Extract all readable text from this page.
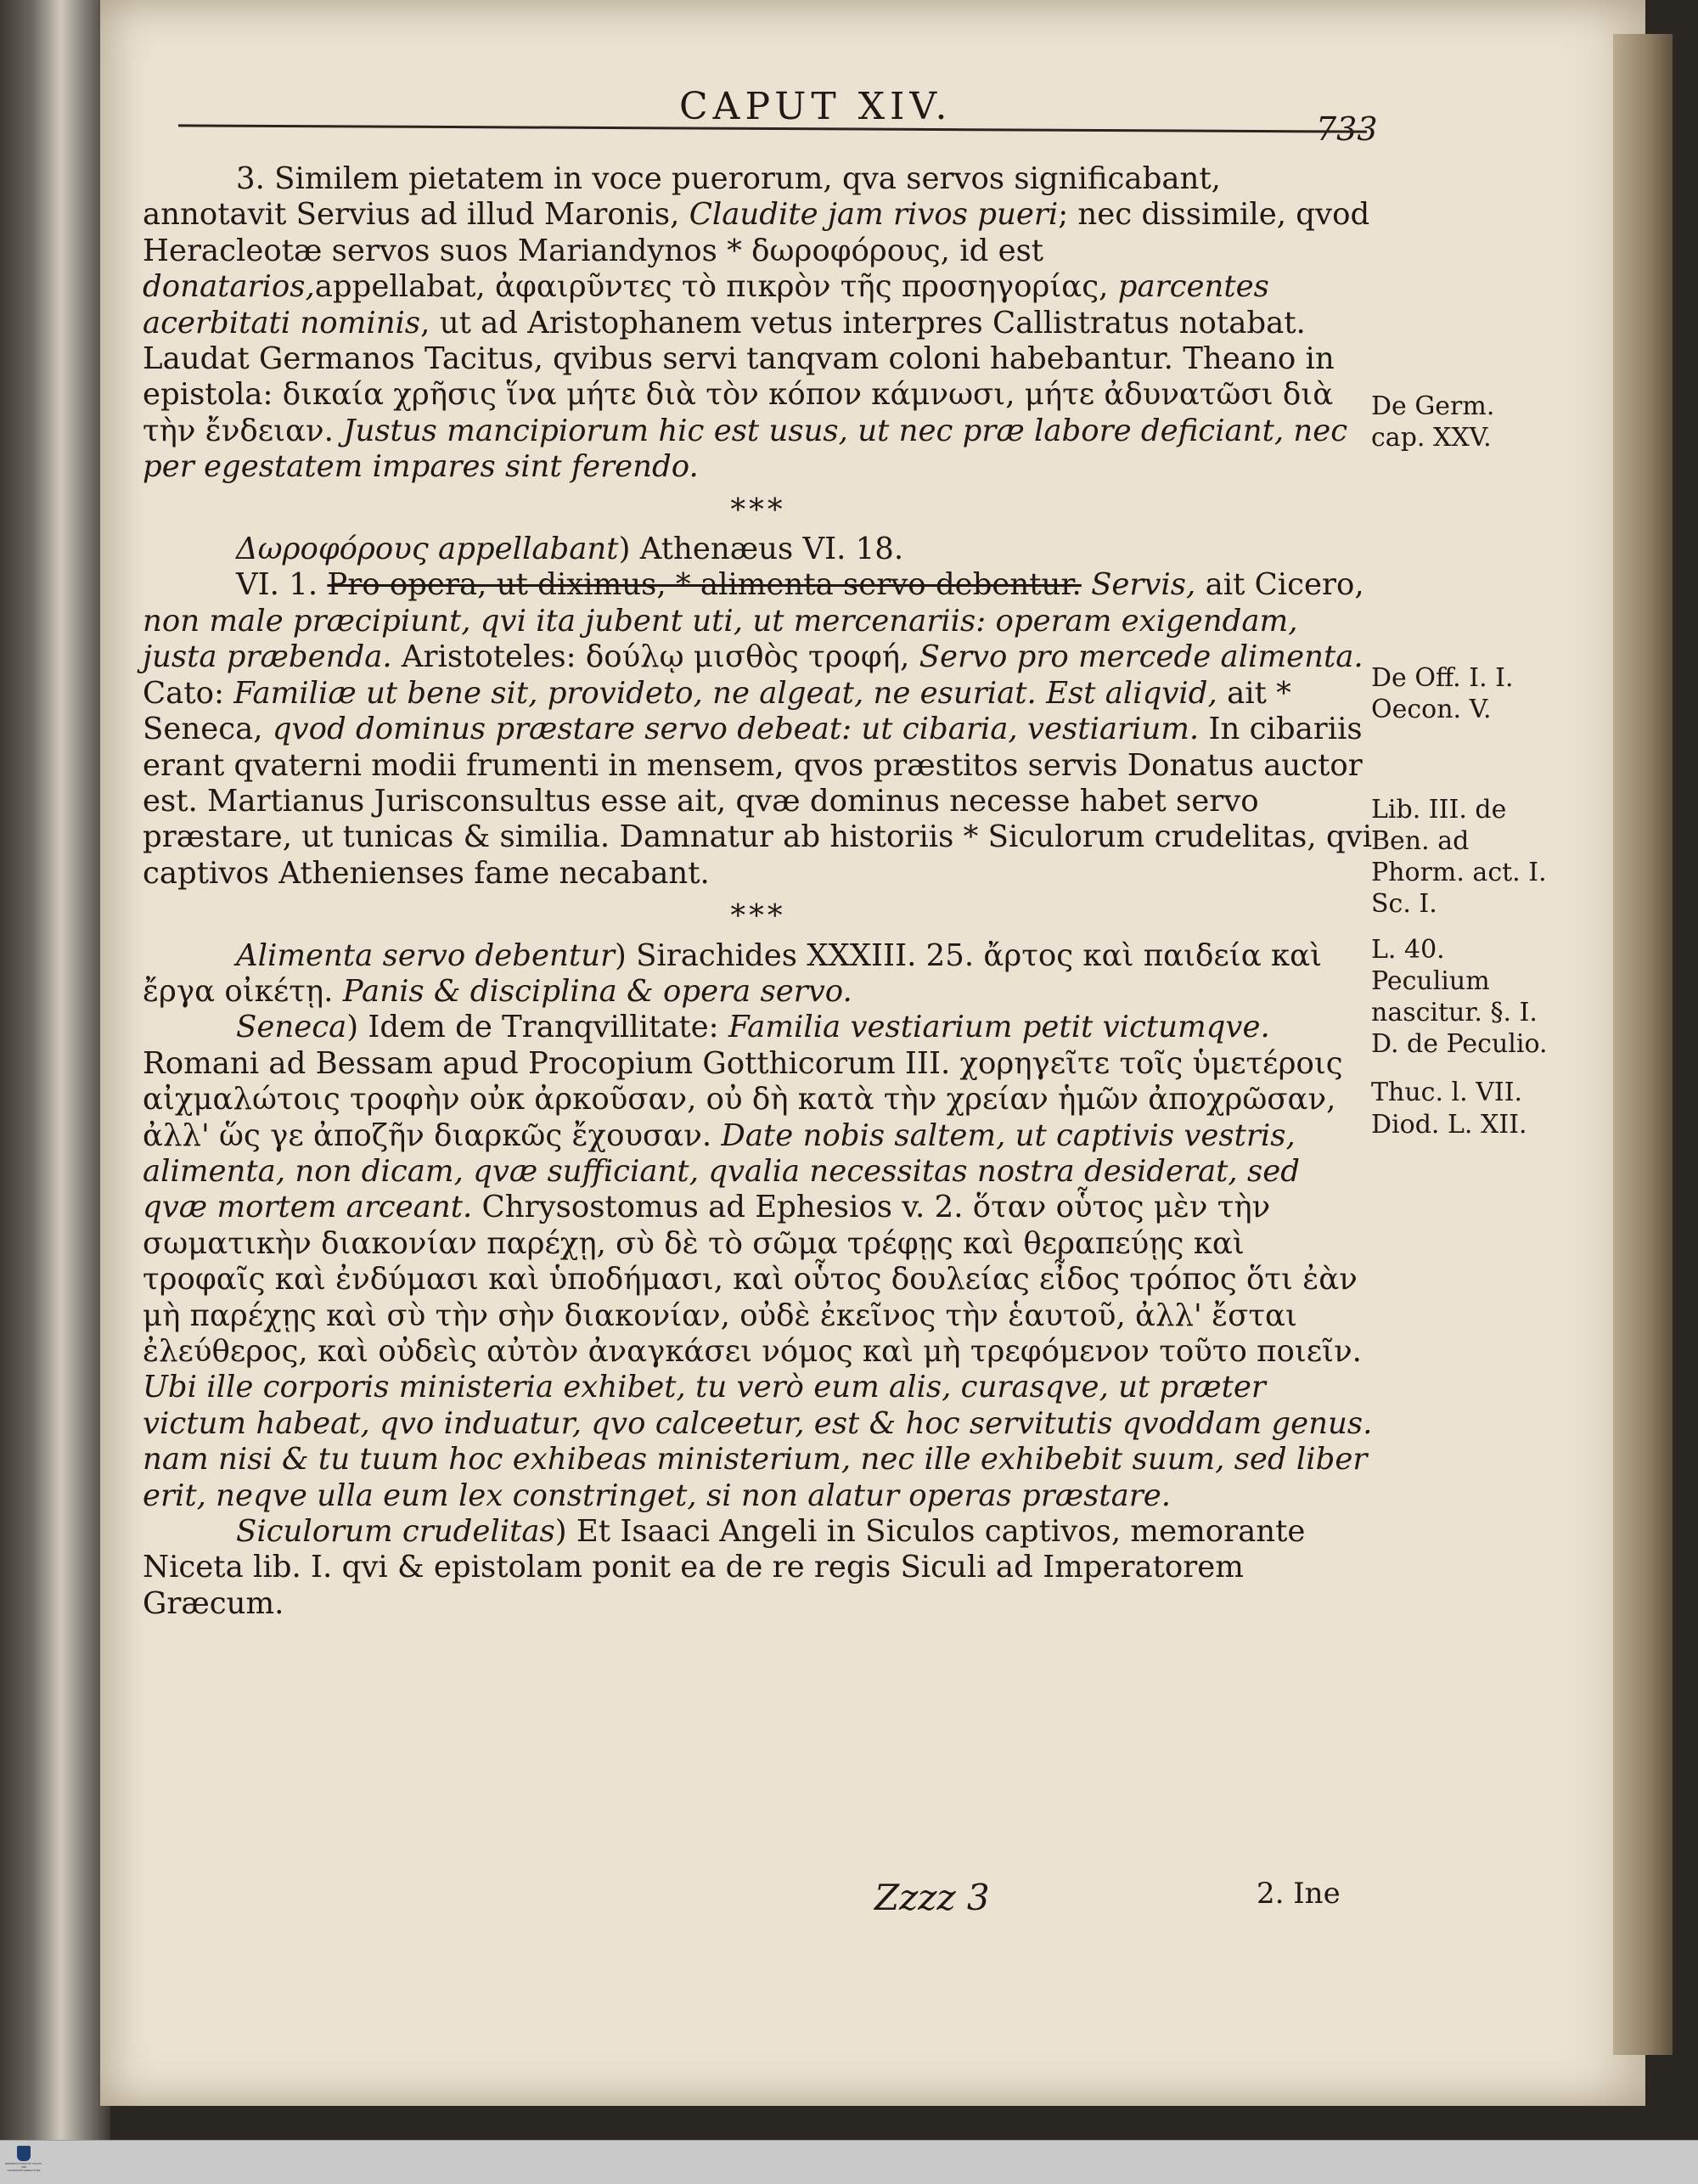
CAPUT XIV.
733

3. Similem pietatem in voce puerorum, qva servos significabant, annotavit Servius ad illud Maronis, Claudite jam rivos pueri; nec dissimile, qvod Heracleotæ servos suos Mariandynos * δωροφόρους, id est donatarios,appellabat, ἀφαιρῦντες τὸ πικρὸν τῆς προσηγορίας, parcentes acerbitati nominis, ut ad Aristophanem vetus interpres Callistratus notabat. Laudat Germanos Tacitus, qvibus servi tanqvam coloni habebantur. Theano in epistola: δικαία χρῆσις ἵνα μήτε διὰ τὸν κόπον κάμνωσι, μήτε ἀδυνατῶσι διὰ τὴν ἔνδειαν. Justus mancipiorum hic est usus, ut nec præ labore deficiant, nec per egestatem impares sint ferendo.

***

Δωροφόρους appellabant) Athenæus VI. 18.

VI. 1. Pro opera, ut diximus, * alimenta servo debentur. Servis, ait Cicero, non male præcipiunt, qvi ita jubent uti, ut mercenariis: operam exigendam, justa præbenda. Aristoteles: δούλῳ μισθὸς τροφή, Servo pro mercede alimenta. Cato: Familiæ ut bene sit, provideto, ne algeat, ne esuriat. Est aliqvid, ait * Seneca, qvod dominus præstare servo debeat: ut cibaria, vestiarium. In cibariis erant qvaterni modii frumenti in mensem, qvos præstitos servis Donatus auctor est. Martianus Jurisconsultus esse ait, qvæ dominus necesse habet servo præstare, ut tunicas & similia. Damnatur ab historiis * Siculorum crudelitas, qvi captivos Athenienses fame necabant.

***

Alimenta servo debentur) Sirachides XXXIII. 25. ἄρτος καὶ παιδεία καὶ ἔργα οἰκέτῃ. Panis & disciplina & opera servo.

Seneca) Idem de Tranqvillitate: Familia vestiarium petit victumqve. Romani ad Bessam apud Procopium Gotthicorum III. χορηγεῖτε τοῖς ὑμετέροις αἰχμαλώτοις τροφὴν οὐκ ἀρκοῦσαν, οὐ δὴ κατὰ τὴν χρείαν ἡμῶν ἀποχρῶσαν, ἀλλ' ὥς γε ἀποζῆν διαρκῶς ἔχουσαν. Date nobis saltem, ut captivis vestris, alimenta, non dicam, qvæ sufficiant, qvalia necessitas nostra desiderat, sed qvæ mortem arceant. Chrysostomus ad Ephesios v. 2. ὅταν οὗτος μὲν τὴν σωματικὴν διακονίαν παρέχῃ, σὺ δὲ τὸ σῶμα τρέφῃς καὶ θεραπεύῃς καὶ τροφαῖς καὶ ἐνδύμασι καὶ ὑποδήμασι, καὶ οὗτος δουλείας εἶδος τρόπος ὅτι ἐὰν μὴ παρέχῃς καὶ σὺ τὴν σὴν διακονίαν, οὐδὲ ἐκεῖνος τὴν ἑαυτοῦ, ἀλλ' ἔσται ἐλεύθερος, καὶ οὐδεὶς αὐτὸν ἀναγκάσει νόμος καὶ μὴ τρεφόμενον τοῦτο ποιεῖν. Ubi ille corporis ministeria exhibet, tu verò eum alis, curasqve, ut præter victum habeat, qvo induatur, qvo calceetur, est & hoc servitutis qvoddam genus. nam nisi & tu tuum hoc exhibeas ministerium, nec ille exhibebit suum, sed liber erit, neqve ulla eum lex constringet, si non alatur operas præstare.

Siculorum crudelitas) Et Isaaci Angeli in Siculos captivos, memorante Niceta lib. I. qvi & epistolam ponit ea de re regis Siculi ad Imperatorem Græcum.

De Germ. cap. XXV.
De Off. I. I. Oecon. V.
Lib. III. de Ben. ad Phorm. act. I. Sc. I.
L. 40. Peculium nascitur. §. I. D. de Peculio.
Thuc. l. VII.
Diod. L. XII.
Zzzz 3	2. Ine
NIEDERSÄCHSISCHE STAATS- UND UNIVERSITÄTSBIBLIOTHEK
